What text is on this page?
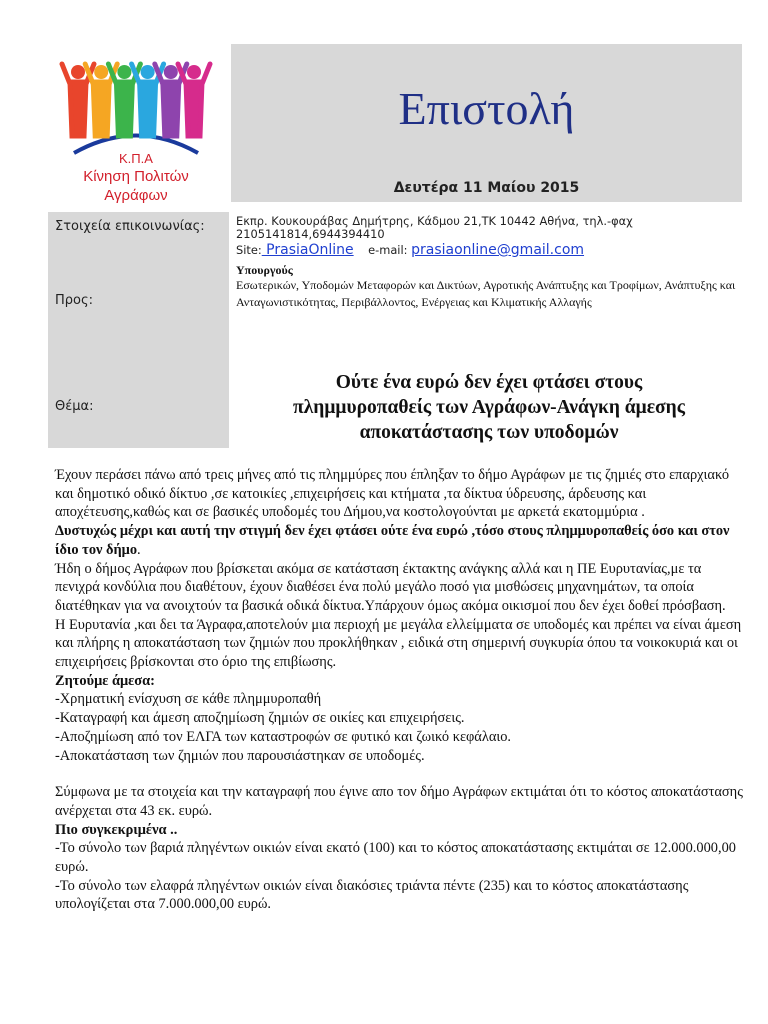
Κ.Π.Α
Κίνηση Πολιτών
Αγράφων
Επιστολή
Δευτέρα 11 Μαίου 2015
Στοιχεία επικοινωνίας:
Προς:
Θέμα:
Εκπρ. Κουκουράβας Δημήτρης, Κάδμου 21,ΤΚ 10442 Αθήνα, τηλ.-φαχ
2105141814,6944394410
Site: PrasiaOnline e-mail: prasiaonline@gmail.com
Υπουργούς
Εσωτερικών, Υποδομών Μεταφορών και Δικτύων, Αγροτικής Ανάπτυξης και Τροφίμων, Ανάπτυξης και Ανταγωνιστικότητας, Περιβάλλοντος, Ενέργειας και Κλιματικής Αλλαγής
Ούτε ένα ευρώ δεν έχει φτάσει στους
πλημμυροπαθείς των Αγράφων-Ανάγκη άμεσης
αποκατάστασης των υποδομών

Έχουν περάσει πάνω από τρεις μήνες από τις πλημμύρες που έπληξαν το δήμο Αγράφων με τις ζημιές στο επαρχιακό και δημοτικό οδικό δίκτυο ,σε κατοικίες ,επιχειρήσεις και κτήματα ,τα δίκτυα ύδρευσης, άρδευσης και αποχέτευσης,καθώς και σε βασικές υποδομές του Δήμου,να κοστολογούνται με αρκετά εκατομμύρια .

Δυστυχώς μέχρι και αυτή την στιγμή δεν έχει φτάσει ούτε ένα ευρώ ,τόσο στους πλημμυροπαθείς όσο και στον ίδιο τον δήμο.

Ήδη ο δήμος Αγράφων που βρίσκεται ακόμα σε κατάσταση έκτακτης ανάγκης αλλά και η ΠΕ Ευρυτανίας,με τα πενιχρά κονδύλια που διαθέτουν, έχουν διαθέσει ένα πολύ μεγάλο ποσό για μισθώσεις μηχανημάτων, τα οποία διατέθηκαν για να ανοιχτούν τα βασικά οδικά δίκτυα.Υπάρχουν όμως ακόμα οικισμοί που δεν έχει δοθεί πρόσβαση.

Η Ευρυτανία ,και δει τα Άγραφα,αποτελούν μια περιοχή με μεγάλα ελλείμματα σε υποδομές και πρέπει να είναι άμεση και πλήρης η αποκατάσταση των ζημιών που προκλήθηκαν , ειδικά στη σημερινή συγκυρία όπου τα νοικοκυριά και οι επιχειρήσεις βρίσκονται στο όριο της επιβίωσης.

Ζητούμε άμεσα:

-Χρηματική ενίσχυση σε κάθε πλημμυροπαθή

-Καταγραφή και άμεση αποζημίωση ζημιών σε οικίες και επιχειρήσεις.

-Αποζημίωση από τον ΕΛΓΑ των καταστροφών σε φυτικό και ζωικό κεφάλαιο.

-Αποκατάσταση των ζημιών που παρουσιάστηκαν σε υποδομές.

Σύμφωνα με τα στοιχεία και την καταγραφή που έγινε απο τον δήμο Αγράφων εκτιμάται ότι το κόστος αποκατάστασης ανέρχεται στα 43 εκ. ευρώ.

Πιο συγκεκριμένα ..

-Το σύνολο των βαριά πληγέντων οικιών είναι εκατό (100) και το κόστος αποκατάστασης εκτιμάται σε 12.000.000,00 ευρώ.

-Το σύνολο των ελαφρά πληγέντων οικιών είναι διακόσιες τριάντα πέντε (235) και το κόστος αποκατάστασης υπολογίζεται στα 7.000.000,00 ευρώ.
